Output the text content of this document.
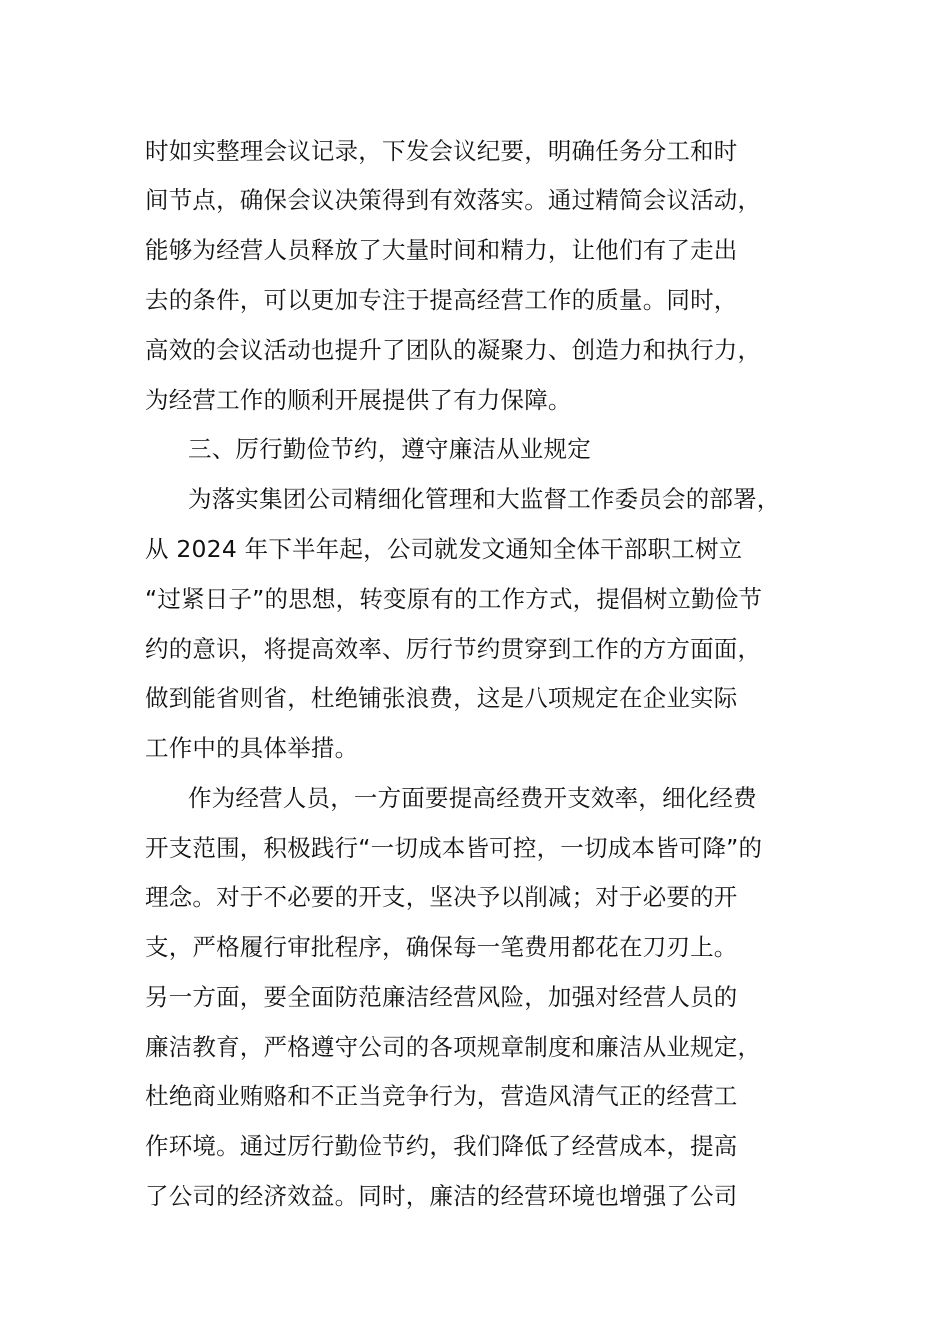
时如实整理会议记录，下发会议纪要，明确任务分工和时
间节点，确保会议决策得到有效落实。通过精简会议活动，
能够为经营人员释放了大量时间和精力，让他们有了走出
去的条件，可以更加专注于提高经营工作的质量。同时，
高效的会议活动也提升了团队的凝聚力、创造力和执行力，
为经营工作的顺利开展提供了有力保障。
三、厉行勤俭节约，遵守廉洁从业规定
为落实集团公司精细化管理和大监督工作委员会的部署，
从 2024 年下半年起，公司就发文通知全体干部职工树立
“过紧日子”的思想，转变原有的工作方式，提倡树立勤俭节
约的意识，将提高效率、厉行节约贯穿到工作的方方面面，
做到能省则省，杜绝铺张浪费，这是八项规定在企业实际
工作中的具体举措。
作为经营人员，一方面要提高经费开支效率，细化经费
开支范围，积极践行“一切成本皆可控，一切成本皆可降”的
理念。对于不必要的开支，坚决予以削减；对于必要的开
支，严格履行审批程序，确保每一笔费用都花在刀刃上。
另一方面，要全面防范廉洁经营风险，加强对经营人员的
廉洁教育，严格遵守公司的各项规章制度和廉洁从业规定，
杜绝商业贿赂和不正当竞争行为，营造风清气正的经营工
作环境。通过厉行勤俭节约，我们降低了经营成本，提高
了公司的经济效益。同时，廉洁的经营环境也增强了公司
